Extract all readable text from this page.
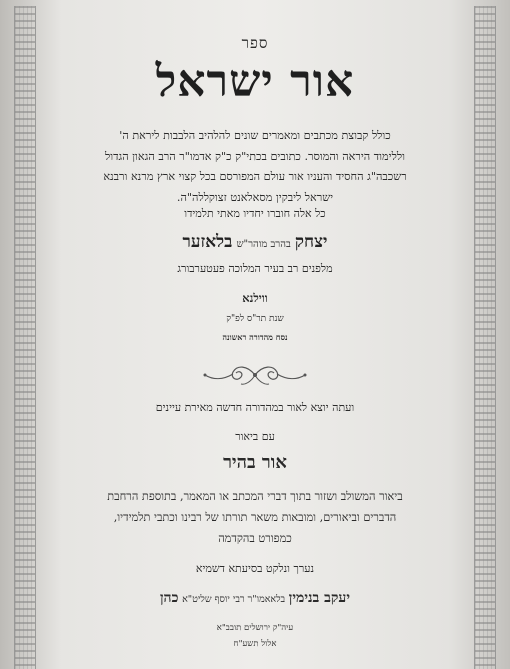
ספר
אור ישראל
כולל קבוצת מכתבים ומאמרים שונים להלהיב הלבבות ליראת ה'
וללימוד היראה והמוסר. כתובים בכתי"ק כ"ק אדמו"ר הרב הגאון הגדול
רשכבה"ג החסיד והעניו אור עולם המפורסם בכל קצוי ארץ מרנא ורבנא
ישראל ליבקין מסאלאנט זצוקללה"ה.
כל אלה חוברו יחדיו מאתי תלמידו
יצחק בהרב מוהר"ש בלאזער
מלפנים רב בעיר המלוכה פעטערבורג
ווילנא
שנת תר"ס לפ"ק
נסח מהדורה ראשונה
ועתה יוצא לאור במהדורה חדשה מאירת עיינים
עם ביאור
אור בהיר
ביאור המשולב ושזור בתוך דברי המכתב או המאמר, בתוספת הרחבת
הדברים וביאורים, ומובאות משאר תורתו של רבינו וכתבי תלמידיו,
כמפורט בהקדמה
נערך ונלקט בסיעתא דשמיא
יעקב בנימין בלאאמו"ר רבי יוסף שליט"א כהן
עיה"ק ירושלים תובב"א
אלול תשע"ח
